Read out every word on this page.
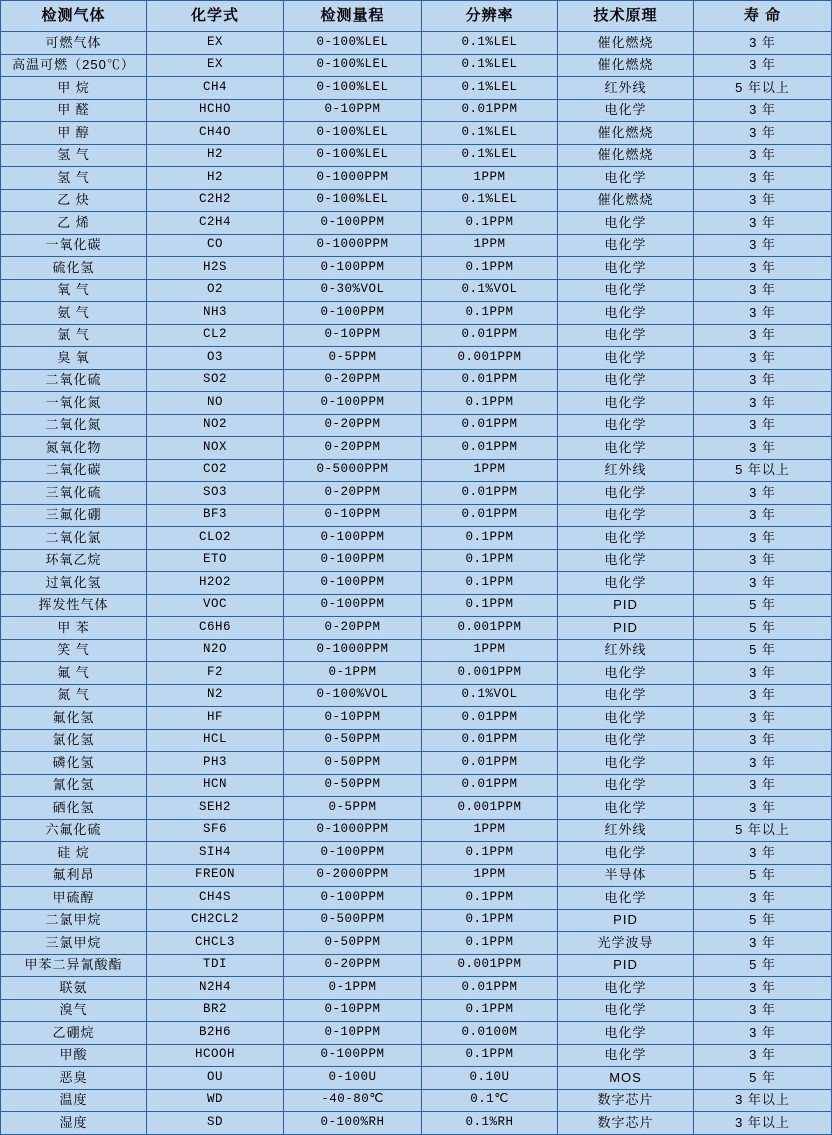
检测气体	化学式	检测量程	分辨率	技术原理	寿 命
可燃气体	EX	0-100%LEL	0.1%LEL	催化燃烧	3 年
高温可燃（250℃）	EX	0-100%LEL	0.1%LEL	催化燃烧	3 年
甲 烷	CH4	0-100%LEL	0.1%LEL	红外线	5 年以上
甲 醛	HCHO	0-10PPM	0.01PPM	电化学	3 年
甲 醇	CH4O	0-100%LEL	0.1%LEL	催化燃烧	3 年
氢 气	H2	0-100%LEL	0.1%LEL	催化燃烧	3 年
氢 气	H2	0-1000PPM	1PPM	电化学	3 年
乙 炔	C2H2	0-100%LEL	0.1%LEL	催化燃烧	3 年
乙 烯	C2H4	0-100PPM	0.1PPM	电化学	3 年
一氧化碳	CO	0-1000PPM	1PPM	电化学	3 年
硫化氢	H2S	0-100PPM	0.1PPM	电化学	3 年
氧 气	O2	0-30%VOL	0.1%VOL	电化学	3 年
氨 气	NH3	0-100PPM	0.1PPM	电化学	3 年
氯 气	CL2	0-10PPM	0.01PPM	电化学	3 年
臭 氧	O3	0-5PPM	0.001PPM	电化学	3 年
二氧化硫	SO2	0-20PPM	0.01PPM	电化学	3 年
一氧化氮	NO	0-100PPM	0.1PPM	电化学	3 年
二氧化氮	NO2	0-20PPM	0.01PPM	电化学	3 年
氮氧化物	NOX	0-20PPM	0.01PPM	电化学	3 年
二氧化碳	CO2	0-5000PPM	1PPM	红外线	5 年以上
三氧化硫	SO3	0-20PPM	0.01PPM	电化学	3 年
三氟化硼	BF3	0-10PPM	0.01PPM	电化学	3 年
二氧化氯	CLO2	0-100PPM	0.1PPM	电化学	3 年
环氧乙烷	ETO	0-100PPM	0.1PPM	电化学	3 年
过氧化氢	H2O2	0-100PPM	0.1PPM	电化学	3 年
挥发性气体	VOC	0-100PPM	0.1PPM	PID	5 年
甲 苯	C6H6	0-20PPM	0.001PPM	PID	5 年
笑 气	N2O	0-1000PPM	1PPM	红外线	5 年
氟 气	F2	0-1PPM	0.001PPM	电化学	3 年
氮 气	N2	0-100%VOL	0.1%VOL	电化学	3 年
氟化氢	HF	0-10PPM	0.01PPM	电化学	3 年
氯化氢	HCL	0-50PPM	0.01PPM	电化学	3 年
磷化氢	PH3	0-50PPM	0.01PPM	电化学	3 年
氰化氢	HCN	0-50PPM	0.01PPM	电化学	3 年
硒化氢	SEH2	0-5PPM	0.001PPM	电化学	3 年
六氟化硫	SF6	0-1000PPM	1PPM	红外线	5 年以上
硅 烷	SIH4	0-100PPM	0.1PPM	电化学	3 年
氟利昂	FREON	0-2000PPM	1PPM	半导体	5 年
甲硫醇	CH4S	0-100PPM	0.1PPM	电化学	3 年
二氯甲烷	CH2CL2	0-500PPM	0.1PPM	PID	5 年
三氯甲烷	CHCL3	0-50PPM	0.1PPM	光学波导	3 年
甲苯二异氰酸酯	TDI	0-20PPM	0.001PPM	PID	5 年
联氨	N2H4	0-1PPM	0.01PPM	电化学	3 年
溴气	BR2	0-10PPM	0.1PPM	电化学	3 年
乙硼烷	B2H6	0-10PPM	0.0100M	电化学	3 年
甲酸	HCOOH	0-100PPM	0.1PPM	电化学	3 年
恶臭	OU	0-100U	0.10U	MOS	5 年
温度	WD	-40-80℃	0.1℃	数字芯片	3 年以上
湿度	SD	0-100%RH	0.1%RH	数字芯片	3 年以上
